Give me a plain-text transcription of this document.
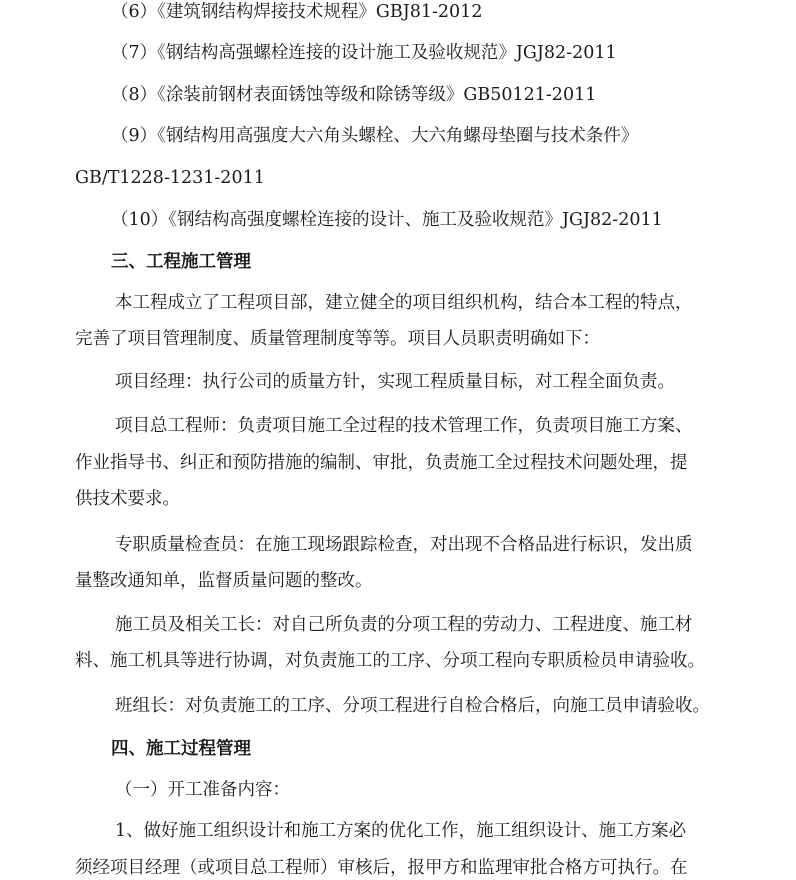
（6）《建筑钢结构焊接技术规程》GBJ81-2012

（7）《钢结构高强螺栓连接的设计施工及验收规范》JGJ82-2011

（8）《涂装前钢材表面锈蚀等级和除锈等级》GB50121-2011

（9）《钢结构用高强度大六角头螺栓、大六角螺母垫圈与技术条件》

GB/T1228-1231-2011

（10）《钢结构高强度螺栓连接的设计、施工及验收规范》JGJ82-2011

三、工程施工管理

本工程成立了工程项目部，建立健全的项目组织机构，结合本工程的特点，

完善了项目管理制度、质量管理制度等等。项目人员职责明确如下：

项目经理：执行公司的质量方针，实现工程质量目标，对工程全面负责。

项目总工程师：负责项目施工全过程的技术管理工作，负责项目施工方案、

作业指导书、纠正和预防措施的编制、审批，负责施工全过程技术问题处理，提

供技术要求。

专职质量检查员：在施工现场跟踪检查，对出现不合格品进行标识，发出质

量整改通知单，监督质量问题的整改。

施工员及相关工长：对自己所负责的分项工程的劳动力、工程进度、施工材

料、施工机具等进行协调，对负责施工的工序、分项工程向专职质检员申请验收。

班组长：对负责施工的工序、分项工程进行自检合格后，向施工员申请验收。

四、施工过程管理

（一）开工准备内容：

1、做好施工组织设计和施工方案的优化工作，施工组织设计、施工方案必

须经项目经理（或项目总工程师）审核后，报甲方和监理审批合格方可执行。在
